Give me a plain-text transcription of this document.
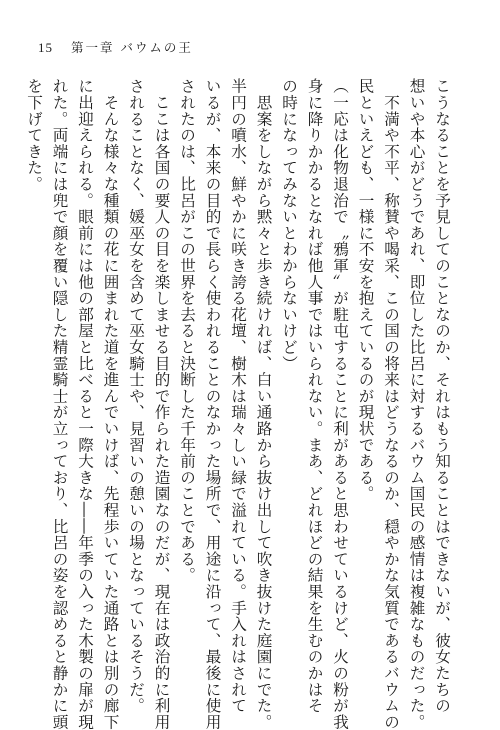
15 第一章 バウムの王
こうなることを予見してのことなのか、それはもう知ることはできないが、彼女たちの
想いや本心がどうであれ、即位した比呂に対するバウム国民の感情は複雑なものだった。
　不満や不平、称賛や喝采、この国の将来はどうなるのか、穏やかな気質であるバウムの
民といえども、一様に不安を抱えているのが現状である。
（一応は化物退治で〝鴉軍〟が駐屯することに利があると思わせているけど、火の粉が我
身に降りかかるとなれば他人事ではいられない。まあ、どれほどの結果を生むのかはそ
の時になってみないとわからないけど）
　思案をしながら黙々と歩き続ければ、白い通路から抜け出して吹き抜けた庭園にでた。
半円の噴水、鮮やかに咲き誇る花壇、樹木は瑞々しい緑で溢れている。手入れはされて
いるが、本来の目的で長らく使われることのなかった場所で、用途に沿って、最後に使用
されたのは、比呂がこの世界を去ると決断した千年前のことである。
　ここは各国の要人の目を楽しませる目的で作られた造園なのだが、現在は政治的に利用
されることなく、媛巫女を含めて巫女騎士や、見習いの憩いの場となっているそうだ。
　そんな様々な種類の花に囲まれた道を進んでいけば、先程歩いていた通路とは別の廊下
に出迎えられる。眼前には他の部屋と比べると一際大きな――年季の入った木製の扉が現
れた。両端には兜で顔を覆い隠した精霊騎士が立っており、比呂の姿を認めると静かに頭
を下げてきた。
